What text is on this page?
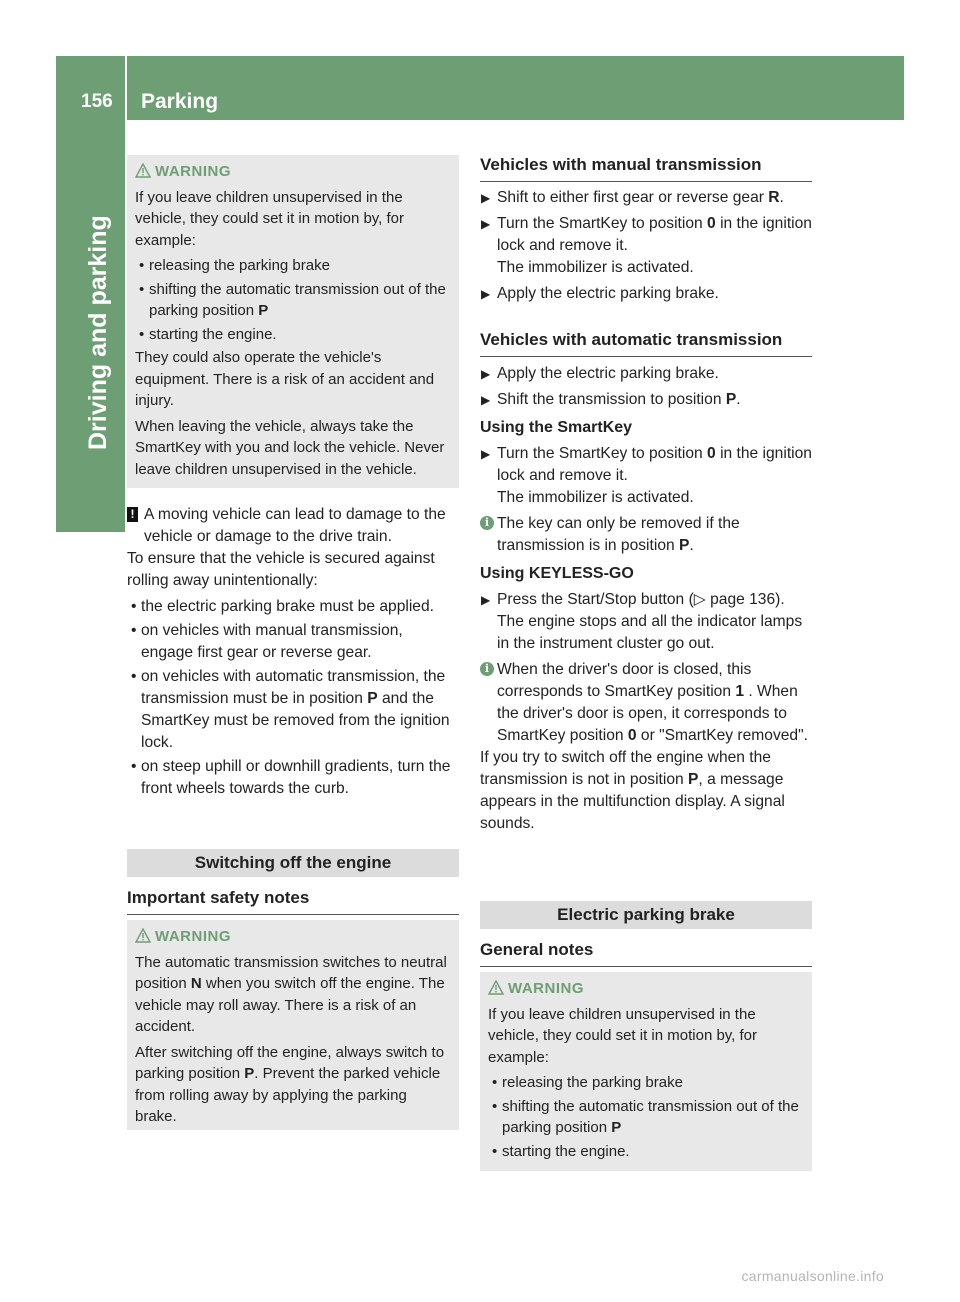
156	Parking
Driving and parking
WARNING
If you leave children unsupervised in the vehicle, they could set it in motion by, for example:
• releasing the parking brake
• shifting the automatic transmission out of the parking position P
• starting the engine.
They could also operate the vehicle's equipment. There is a risk of an accident and injury.
When leaving the vehicle, always take the SmartKey with you and lock the vehicle. Never leave children unsupervised in the vehicle.
! A moving vehicle can lead to damage to the vehicle or damage to the drive train.
To ensure that the vehicle is secured against rolling away unintentionally:
• the electric parking brake must be applied.
• on vehicles with manual transmission, engage first gear or reverse gear.
• on vehicles with automatic transmission, the transmission must be in position P and the SmartKey must be removed from the ignition lock.
• on steep uphill or downhill gradients, turn the front wheels towards the curb.
Switching off the engine
Important safety notes
WARNING
The automatic transmission switches to neutral position N when you switch off the engine. The vehicle may roll away. There is a risk of an accident.
After switching off the engine, always switch to parking position P. Prevent the parked vehicle from rolling away by applying the parking brake.
Vehicles with manual transmission
▶ Shift to either first gear or reverse gear R.
▶ Turn the SmartKey to position 0 in the ignition lock and remove it.
The immobilizer is activated.
▶ Apply the electric parking brake.
Vehicles with automatic transmission
▶ Apply the electric parking brake.
▶ Shift the transmission to position P.
Using the SmartKey
▶ Turn the SmartKey to position 0 in the ignition lock and remove it.
The immobilizer is activated.
i The key can only be removed if the transmission is in position P.
Using KEYLESS-GO
▶ Press the Start/Stop button (▷ page 136).
The engine stops and all the indicator lamps in the instrument cluster go out.
i When the driver's door is closed, this corresponds to SmartKey position 1 . When the driver's door is open, it corresponds to SmartKey position 0 or "SmartKey removed".
If you try to switch off the engine when the transmission is not in position P, a message appears in the multifunction display. A signal sounds.
Electric parking brake
General notes
WARNING
If you leave children unsupervised in the vehicle, they could set it in motion by, for example:
• releasing the parking brake
• shifting the automatic transmission out of the parking position P
• starting the engine.
carmanualsonline.info
